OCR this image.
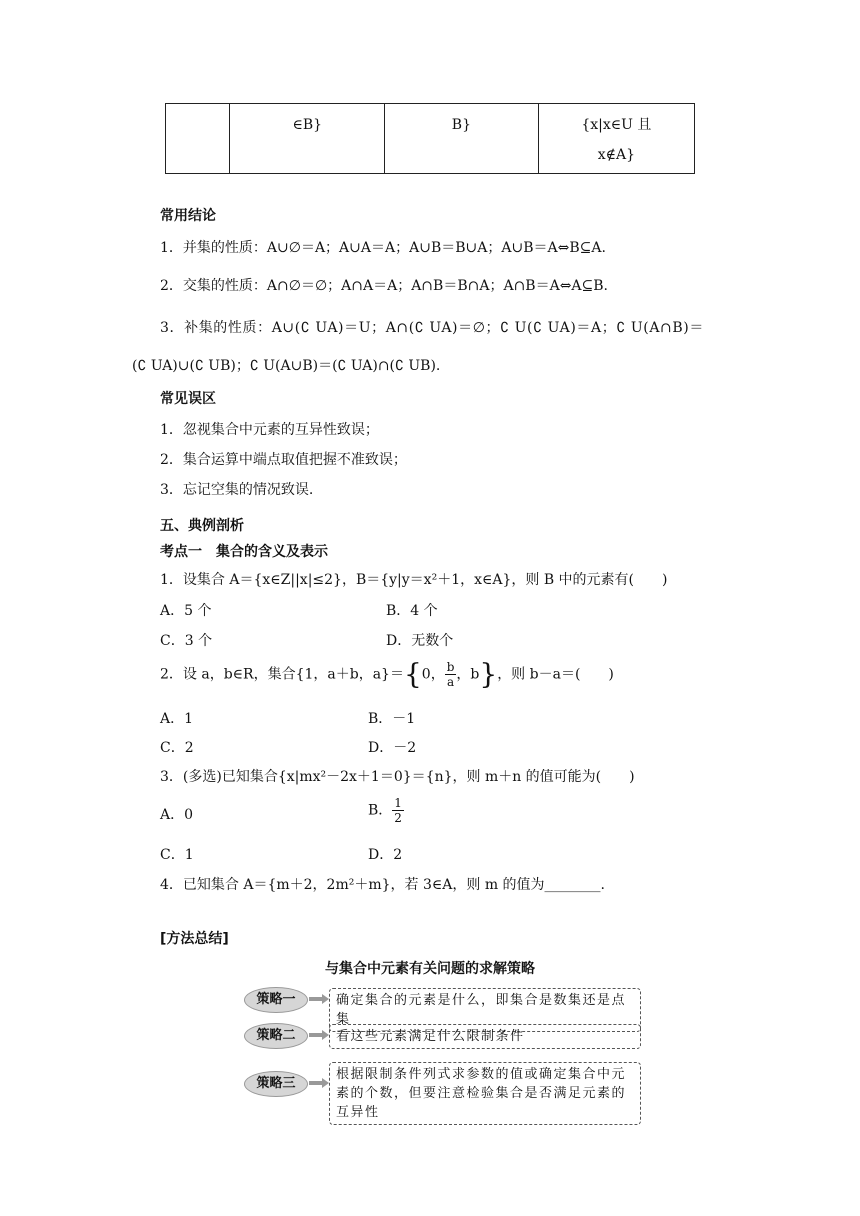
	∈B}	B}	{x|x∈U 且
x∉A}
常用结论
1．并集的性质：A∪∅＝A；A∪A＝A；A∪B＝B∪A；A∪B＝A⇔B⊆A.
2．交集的性质：A∩∅＝∅；A∩A＝A；A∩B＝B∩A；A∩B＝A⇔A⊆B.
3．补集的性质：A∪(∁ UA)＝U；A∩(∁ UA)＝∅；∁ U(∁ UA)＝A；∁ U(A∩B)＝
(∁ UA)∪(∁ UB)；∁ U(A∪B)＝(∁ UA)∩(∁ UB).
常见误区
1．忽视集合中元素的互异性致误；
2．集合运算中端点取值把握不准致误；
3．忘记空集的情况致误.
五、典例剖析
考点一　集合的含义及表示
1．设集合 A＝{x∈Z||x|≤2}，B＝{y|y＝x²＋1，x∈A}，则 B 中的元素有(　　)
A．5 个	B．4 个
C．3 个	D．无数个
2．设 a，b∈R，集合{1，a＋b，a}＝{0， $\frac{b}{a}$ ，b}，则 b－a＝(　　)
A．1	B．－1
C．2	D．－2
3．(多选)已知集合{x|mx²－2x＋1＝0}＝{n}，则 m＋n 的值可能为(　　)
A．0	B． $\frac{1}{2}$
C．1	D．2
4．已知集合 A＝{m＋2，2m²＋m}，若 3∈A，则 m 的值为________.
[方法总结]
与集合中元素有关问题的求解策略
策略一	确定集合的元素是什么，即集合是数集还是点集
策略二	看这些元素满足什么限制条件
策略三
根据限制条件列式求参数的值或确定集合中元素的个数，但要注意检验集合是否满足元素的互异性
